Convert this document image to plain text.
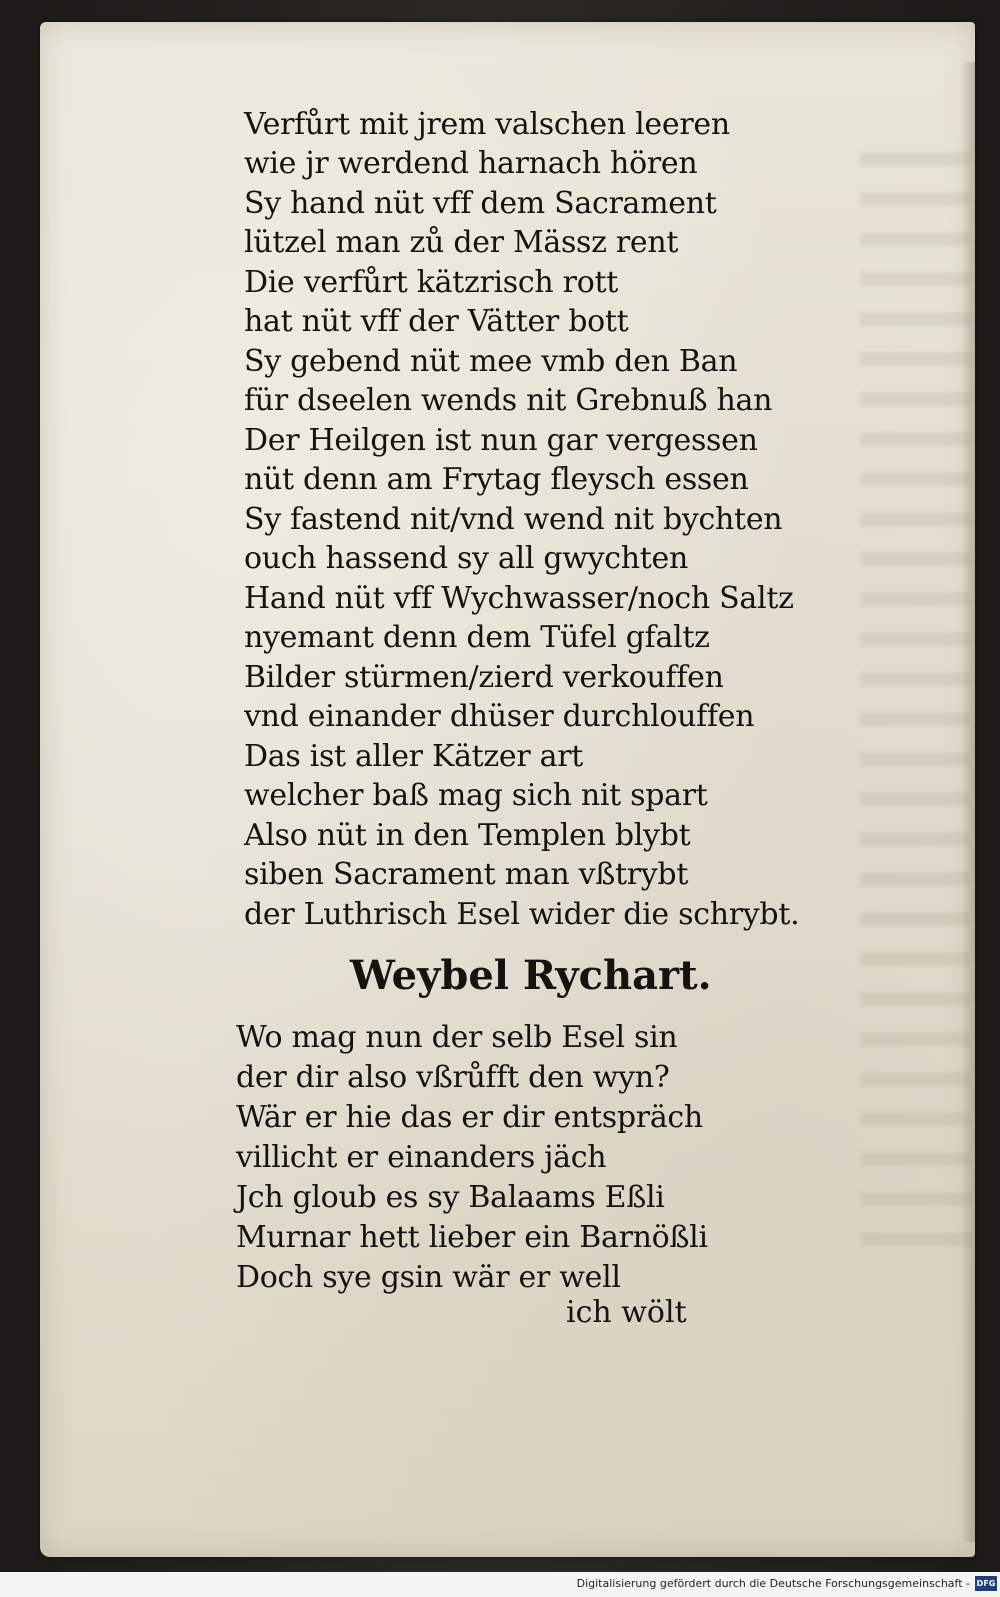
Verfůrt mit jrem valschen leeren
wie jr werdend harnach hören
Sy hand nüt vff dem Sacrament
lützel man zů der Mässz rent
Die verfůrt kätzrisch rott
hat nüt vff der Vätter bott
Sy gebend nüt mee vmb den Ban
für dseelen wends nit Grebnuß han
Der Heilgen ist nun gar vergessen
nüt denn am Frytag fleysch essen
Sy fastend nit/vnd wend nit bychten
ouch hassend sy all gwychten
Hand nüt vff Wychwasser/noch Saltz
nyemant denn dem Tüfel gfaltz
Bilder stürmen/zierd verkouffen
vnd einander dhüser durchlouffen
Das ist aller Kätzer art
welcher baß mag sich nit spart
Also nüt in den Templen blybt
siben Sacrament man vßtrybt
der Luthrisch Esel wider die schrybt.
Weybel Rychart.
Wo mag nun der selb Esel sin
der dir also vßrůfft den wyn?
Wär er hie das er dir entspräch
villicht er einanders jäch
Jch gloub es sy Balaams Eßli
Murnar hett lieber ein Barnößli
Doch sye gsin wär er well
ich wölt
Digitalisierung gefördert durch die Deutsche Forschungsgemeinschaft - DFG
